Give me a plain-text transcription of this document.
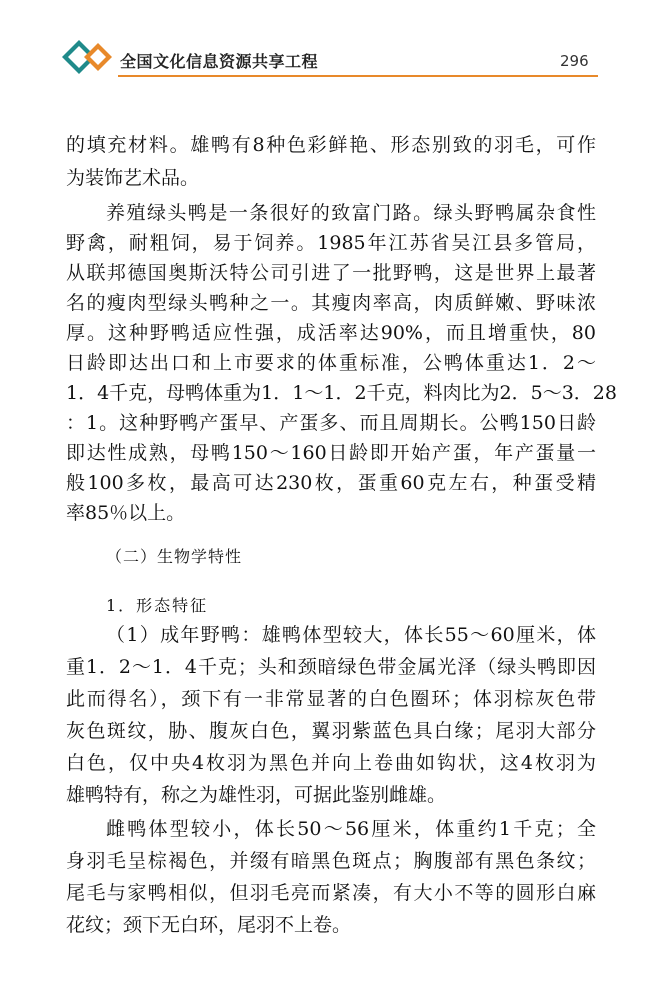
全国文化信息资源共享工程	296
的填充材料。雄鸭有8种色彩鲜艳、形态别致的羽毛，可作
为装饰艺术品。
养殖绿头鸭是一条很好的致富门路。绿头野鸭属杂食性
野禽，耐粗饲，易于饲养。1985年江苏省吴江县多管局，
从联邦德国奥斯沃特公司引进了一批野鸭，这是世界上最著
名的瘦肉型绿头鸭种之一。其瘦肉率高，肉质鲜嫩、野味浓
厚。这种野鸭适应性强，成活率达90%，而且增重快，80
日龄即达出口和上市要求的体重标准，公鸭体重达1．2～
1．4千克，母鸭体重为1．1～1．2千克，料肉比为2．5～3．28
：1。这种野鸭产蛋早、产蛋多、而且周期长。公鸭150日龄
即达性成熟，母鸭150～160日龄即开始产蛋，年产蛋量一
般100多枚，最高可达230枚，蛋重60克左右，种蛋受精
（二）生物学特性
1．形态特征
（1）成年野鸭：雄鸭体型较大，体长55～60厘米，体
重1．2～1．4千克；头和颈暗绿色带金属光泽（绿头鸭即因
此而得名），颈下有一非常显著的白色圈环；体羽棕灰色带
灰色斑纹，胁、腹灰白色，翼羽紫蓝色具白缘；尾羽大部分
白色，仅中央4枚羽为黑色并向上卷曲如钩状，这4枚羽为
雄鸭特有，称之为雄性羽，可据此鉴别雌雄。
雌鸭体型较小，体长50～56厘米，体重约1千克；全
身羽毛呈棕褐色，并缀有暗黑色斑点；胸腹部有黑色条纹；
尾毛与家鸭相似，但羽毛亮而紧凑，有大小不等的圆形白麻
花纹；颈下无白环，尾羽不上卷。
率85％以上。
